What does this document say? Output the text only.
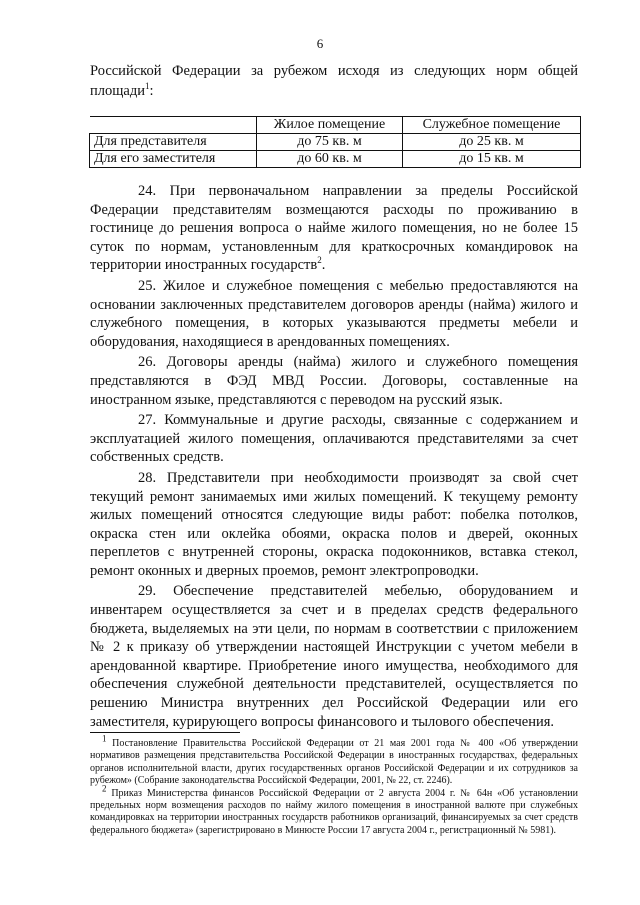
6
Российской Федерации за рубежом исходя из следующих норм общей площади$^1$:
	Жилое помещение	Служебное помещение
Для представителя	до 75 кв. м	до 25 кв. м
Для его заместителя	до 60 кв. м	до 15 кв. м

24. При первоначальном направлении за пределы Российской Федерации представителям возмещаются расходы по проживанию в гостинице до решения вопроса о найме жилого помещения, но не более 15 суток по нормам, установленным для краткосрочных командировок на территории иностранных государств$^2$.

25. Жилое и служебное помещения с мебелью предоставляются на основании заключенных представителем договоров аренды (найма) жилого и служебного помещения, в которых указываются предметы мебели и оборудования, находящиеся в арендованных помещениях.

26. Договоры аренды (найма) жилого и служебного помещения представляются в ФЭД МВД России. Договоры, составленные на иностранном языке, представляются с переводом на русский язык.

27. Коммунальные и другие расходы, связанные с содержанием и эксплуатацией жилого помещения, оплачиваются представителями за счет собственных средств.

28. Представители при необходимости производят за свой счет текущий ремонт занимаемых ими жилых помещений. К текущему ремонту жилых помещений относятся следующие виды работ: побелка потолков, окраска стен или оклейка обоями, окраска полов и дверей, оконных переплетов с внутренней стороны, окраска подоконников, вставка стекол, ремонт оконных и дверных проемов, ремонт электропроводки.

29. Обеспечение представителей мебелью, оборудованием и инвентарем осуществляется за счет и в пределах средств федерального бюджета, выделяемых на эти цели, по нормам в соответствии с приложением № 2 к приказу об утверждении настоящей Инструкции с учетом мебели в арендованной квартире. Приобретение иного имущества, необходимого для обеспечения служебной деятельности представителей, осуществляется по решению Министра внутренних дел Российской Федерации или его заместителя, курирующего вопросы финансового и тылового обеспечения.

$^1$ Постановление Правительства Российской Федерации от 21 мая 2001 года № 400 «Об утверждении нормативов размещения представительства Российской Федерации в иностранных государствах, федеральных органов исполнительной власти, других государственных органов Российской Федерации и их сотрудников за рубежом» (Собрание законодательства Российской Федерации, 2001, № 22, ст. 2246).

$^2$ Приказ Министерства финансов Российской Федерации от 2 августа 2004 г. № 64н «Об установлении предельных норм возмещения расходов по найму жилого помещения в иностранной валюте при служебных командировках на территории иностранных государств работников организаций, финансируемых за счет средств федерального бюджета» (зарегистрировано в Минюсте России 17 августа 2004 г., регистрационный № 5981).
